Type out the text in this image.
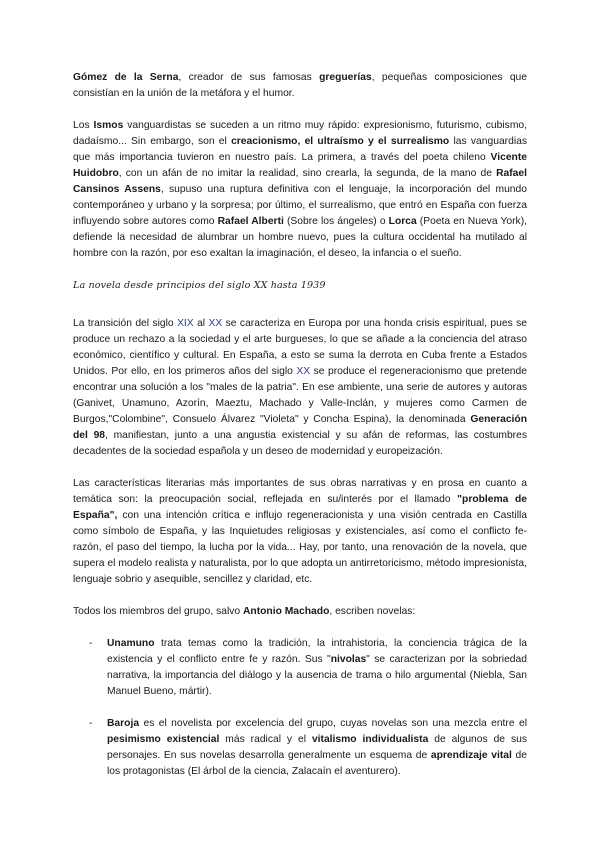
Gómez de la Serna, creador de sus famosas greguerías, pequeñas composiciones que consistían en la unión de la metáfora y el humor.

Los Ismos vanguardistas se suceden a un ritmo muy rápido: expresionismo, futurismo, cubismo, dadaísmo... Sin embargo, son el creacionismo, el ultraísmo y el surrealismo las vanguardias que más importancia tuvieron en nuestro país. La primera, a través del poeta chileno Vicente Huidobro, con un afán de no imitar la realidad, sino crearla, la segunda, de la mano de Rafael Cansinos Assens, supuso una ruptura definitiva con el lenguaje, la incorporación del mundo contemporáneo y urbano y la sorpresa; por último, el surrealismo, que entró en España con fuerza influyendo sobre autores como Rafael Alberti (Sobre los ángeles) o Lorca (Poeta en Nueva York), defiende la necesidad de alumbrar un hombre nuevo, pues la cultura occidental ha mutilado al hombre con la razón, por eso exaltan la imaginación, el deseo, la infancia o el sueño.

La novela desde principios del siglo XX hasta 1939

La transición del siglo XIX al XX se caracteriza en Europa por una honda crisis espiritual, pues se produce un rechazo a la sociedad y el arte burgueses, lo que se añade a la conciencia del atraso económico, científico y cultural. En España, a esto se suma la derrota en Cuba frente a Estados Unidos. Por ello, en los primeros años del siglo XX se produce el regeneracionismo que pretende encontrar una solución a los "males de la patria". En ese ambiente, una serie de autores y autoras (Ganivet, Unamuno, Azorín, Maeztu, Machado y Valle-Inclán, y mujeres como Carmen de Burgos,"Colombine", Consuelo Álvarez "Violeta" y Concha Espina), la denominada Generación del 98, manifiestan, junto a una angustia existencial y su afán de reformas, las costumbres decadentes de la sociedad española y un deseo de modernidad y europeización.

Las características literarias más importantes de sus obras narrativas y en prosa en cuanto a temática son: la preocupación social, reflejada en su/interés por el llamado "problema de España", con una intención crítica e influjo regeneracionista y una visión centrada en Castilla como símbolo de España, y las Inquietudes religiosas y existenciales, así como el conflicto fe-razón, el paso del tiempo, la lucha por la vida... Hay, por tanto, una renovación de la novela, que supera el modelo realista y naturalista, por lo que adopta un antirretoricismo, método impresionista, lenguaje sobrio y asequible, sencillez y claridad, etc.

Todos los miembros del grupo, salvo Antonio Machado, escriben novelas:

- Unamuno trata temas como la tradición, la intrahistoria, la conciencia trágica de la existencia y el conflicto entre fe y razón. Sus "nivolas" se caracterizan por la sobriedad narrativa, la importancia del diálogo y la ausencia de trama o hilo argumental (Niebla, San Manuel Bueno, mártir).
- Baroja es el novelista por excelencia del grupo, cuyas novelas son una mezcla entre el pesimismo existencial más radical y el vitalismo individualista de algunos de sus personajes. En sus novelas desarrolla generalmente un esquema de aprendizaje vital de los protagonistas (El árbol de la ciencia, Zalacaín el aventurero).
